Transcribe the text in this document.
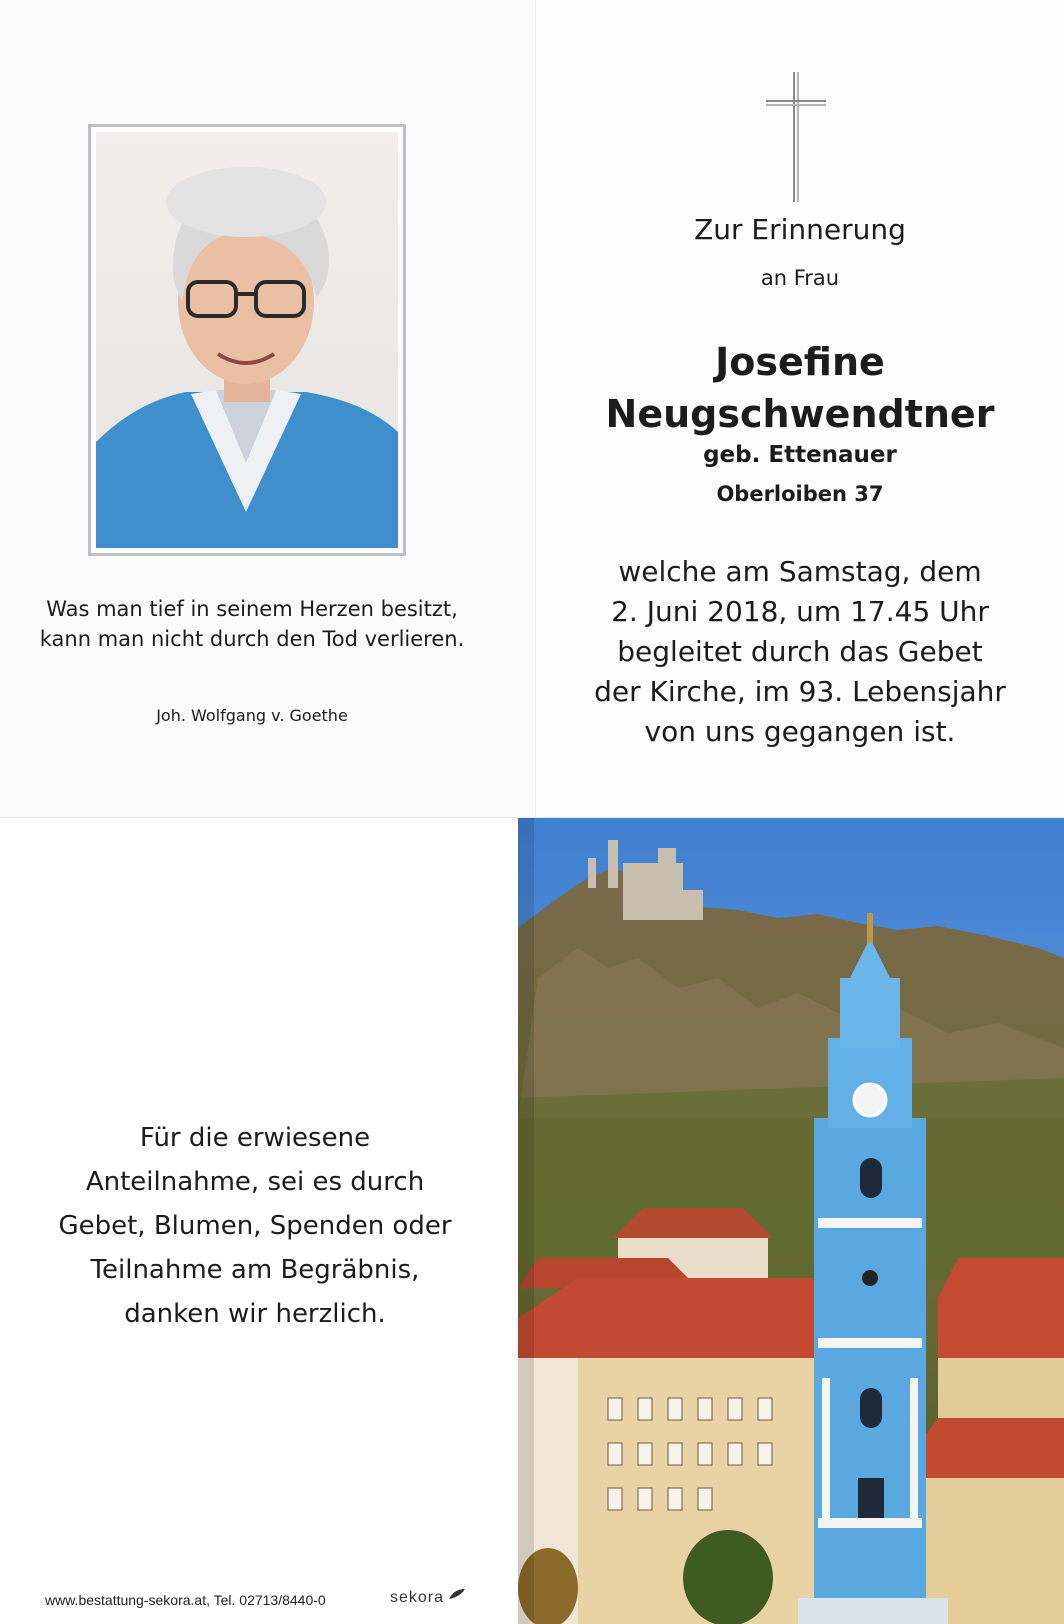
Was man tief in seinem Herzen besitzt,
kann man nicht durch den Tod verlieren.
Joh. Wolfgang v. Goethe
Zur Erinnerung
an Frau
Josefine
Neugschwendtner
geb. Ettenauer
Oberloiben 37
welche am Samstag, dem
2. Juni 2018, um 17.45 Uhr
begleitet durch das Gebet
der Kirche, im 93. Lebensjahr
von uns gegangen ist.
Für die erwiesene
Anteilnahme, sei es durch
Gebet, Blumen, Spenden oder
Teilnahme am Begräbnis,
danken wir herzlich.
www.bestattung-sekora.at, Tel. 02713/8440-0	sekora
